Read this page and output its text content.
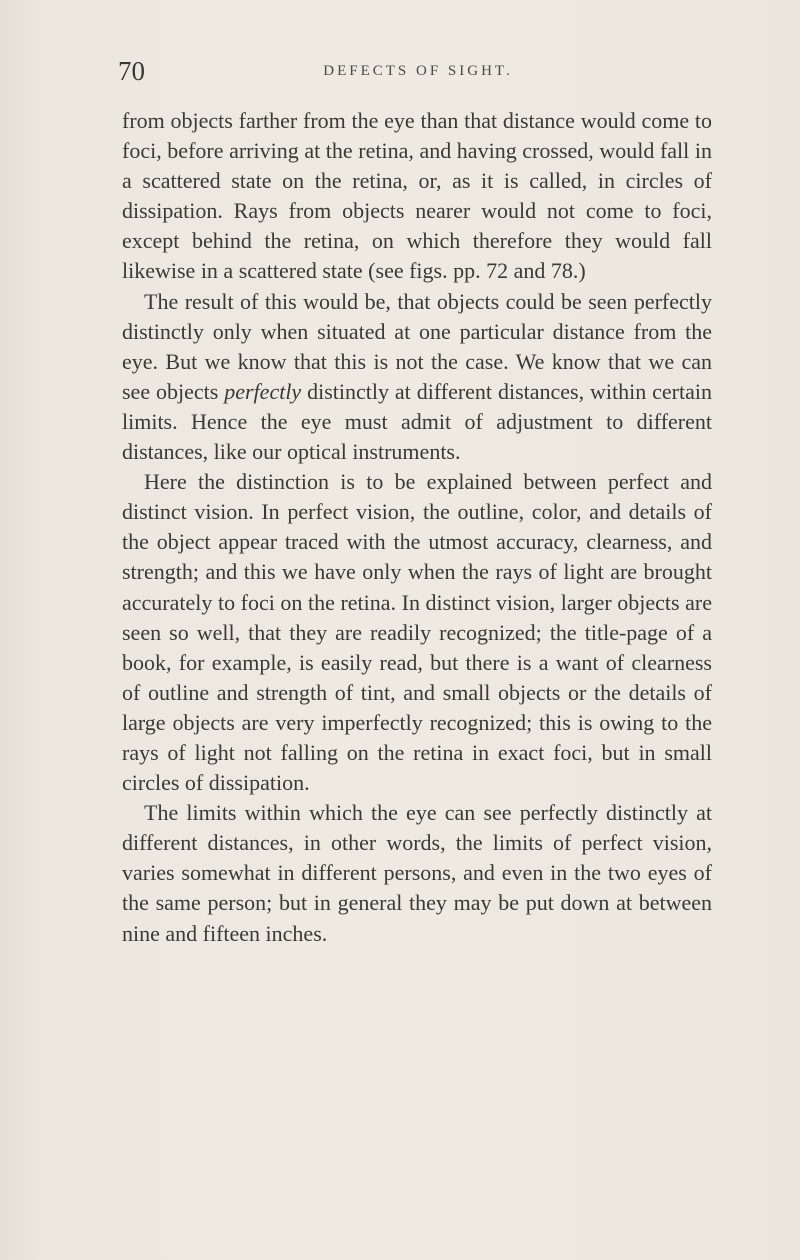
70	DEFECTS OF SIGHT.

from objects farther from the eye than that distance would come to foci, before arriving at the retina, and having crossed, would fall in a scattered state on the retina, or, as it is called, in circles of dissipation. Rays from objects nearer would not come to foci, except behind the retina, on which therefore they would fall likewise in a scattered state (see figs. pp. 72 and 78.)

The result of this would be, that objects could be seen perfectly distinctly only when situated at one particular distance from the eye. But we know that this is not the case. We know that we can see objects perfectly distinctly at different distances, within certain limits. Hence the eye must admit of adjustment to different distances, like our optical instruments.

Here the distinction is to be explained between perfect and distinct vision. In perfect vision, the outline, color, and details of the object appear traced with the utmost accuracy, clearness, and strength; and this we have only when the rays of light are brought accurately to foci on the retina. In distinct vision, larger objects are seen so well, that they are readily recognized; the title-page of a book, for example, is easily read, but there is a want of clearness of outline and strength of tint, and small objects or the details of large objects are very imperfectly recognized; this is owing to the rays of light not falling on the retina in exact foci, but in small circles of dissipation.

The limits within which the eye can see perfectly distinctly at different distances, in other words, the limits of perfect vision, varies somewhat in different persons, and even in the two eyes of the same person; but in general they may be put down at between nine and fifteen inches.
